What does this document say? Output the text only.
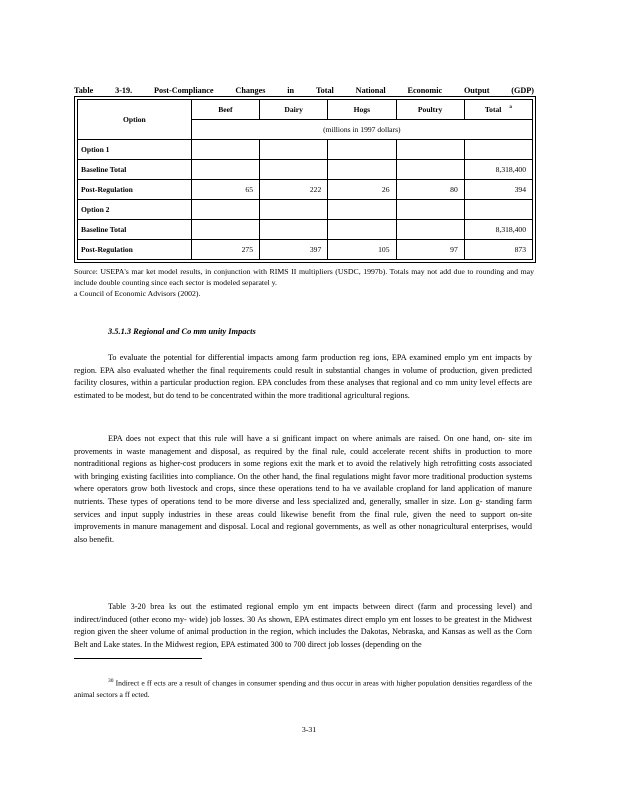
Table	3-19.	Post-Compliance	Changes	in	Total	National	Economic	Output	(GDP)
Option	Beef	Dairy	Hogs	Poultry	Total $^a$
	(millions in 1997 dollars)				
Option 1					
Baseline Total					8,318,400
Post-Regulation	65	222	26	80	394
Option 2					
Baseline Total					8,318,400
Post-Regulation	275	397	105	97	873
Source: USEPA's mar ket model results, in conjunction with RIMS II multipliers (USDC, 1997b). Totals may not add due to rounding and may include double counting since each sector is modeled separatel y.
a Council of Economic Advisors (2002).
3.5.1.3 Regional and Co mm unity Impacts
To evaluate the potential for differential impacts among farm production reg ions, EPA examined emplo ym ent impacts by region. EPA also evaluated whether the final requirements could result in substantial changes in volume of production, given predicted facility closures, within a particular production region. EPA concludes from these analyses that regional and co mm unity level effects are estimated to be modest, but do tend to be concentrated within the more traditional agricultural regions.
EPA does not expect that this rule will have a si gnificant impact on where animals are raised. On one hand, on- site im provements in waste management and disposal, as required by the final rule, could accelerate recent shifts in production to more nontraditional regions as higher-cost producers in some regions exit the mark et to avoid the relatively high retrofitting costs associated with bringing existing facilities into compliance. On the other hand, the final regulations might favor more traditional production systems where operators grow both livestock and crops, since these operations tend to ha ve available cropland for land application of manure nutrients. These types of operations tend to be more diverse and less specialized and, generally, smaller in size. Lon g- standing farm services and input supply industries in these areas could likewise benefit from the final rule, given the need to support on-site improvements in manure management and disposal. Local and regional governments, as well as other nonagricultural enterprises, would also benefit.
Table 3-20 brea ks out the estimated regional emplo ym ent impacts between direct (farm and processing level) and indirect/induced (other econo my- wide) job losses. 30 As shown, EPA estimates direct emplo ym ent losses to be greatest in the Midwest region given the sheer volume of animal production in the region, which includes the Dakotas, Nebraska, and Kansas as well as the Corn Belt and Lake states. In the Midwest region, EPA estimated 300 to 700 direct job losses (depending on the
$^{30}$ Indirect e ff ects are a result of changes in consumer spending and thus occur in areas with higher population densities regardless of the animal sectors a ff ected.
3-31
